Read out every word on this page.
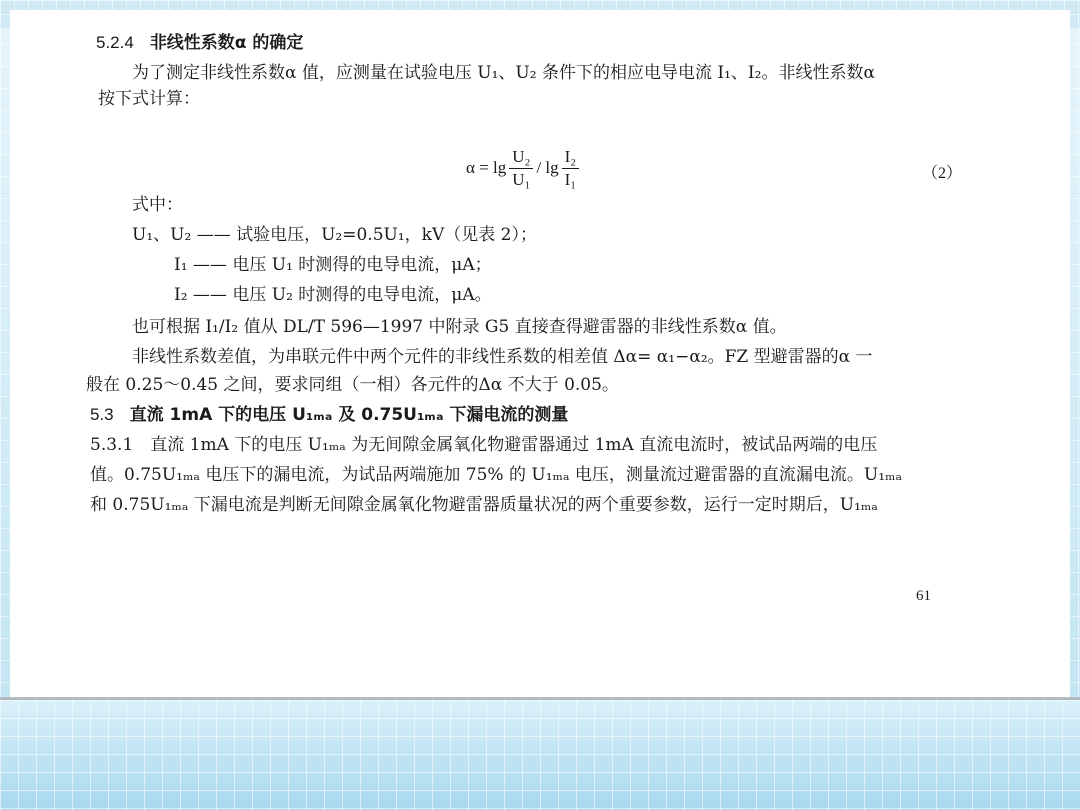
5.2.4 非线性系数α 的确定
为了测定非线性系数α 值，应测量在试验电压 U₁、U₂ 条件下的相应电导电流 I₁、I₂。非线性系数α
按下式计算：
$\alpha = \lg \frac{\text{U₂}}{\text{U₁}} / \lg \frac{\text{I₂}}{\text{I₁}}$	（2）
式中：
U₁、U₂ —— 试验电压，U₂=0.5U₁，kV（见表 2）；
I₁ —— 电压 U₁ 时测得的电导电流，μA；
I₂ —— 电压 U₂ 时测得的电导电流，μA。
也可根据 I₁/I₂ 值从 DL/T 596—1997 中附录 G5 直接查得避雷器的非线性系数α 值。
非线性系数差值，为串联元件中两个元件的非线性系数的相差值 Δα= α₁−α₂。FZ 型避雷器的α 一
般在 0.25～0.45 之间，要求同组（一相）各元件的Δα 不大于 0.05。
5.3 直流 1mA 下的电压 U₁ₘₐ 及 0.75U₁ₘₐ 下漏电流的测量
5.3.1　直流 1mA 下的电压 U₁ₘₐ 为无间隙金属氧化物避雷器通过 1mA 直流电流时，被试品两端的电压
值。0.75U₁ₘₐ 电压下的漏电流，为试品两端施加 75% 的 U₁ₘₐ 电压，测量流过避雷器的直流漏电流。U₁ₘₐ
和 0.75U₁ₘₐ 下漏电流是判断无间隙金属氧化物避雷器质量状况的两个重要参数，运行一定时期后，U₁ₘₐ
61
